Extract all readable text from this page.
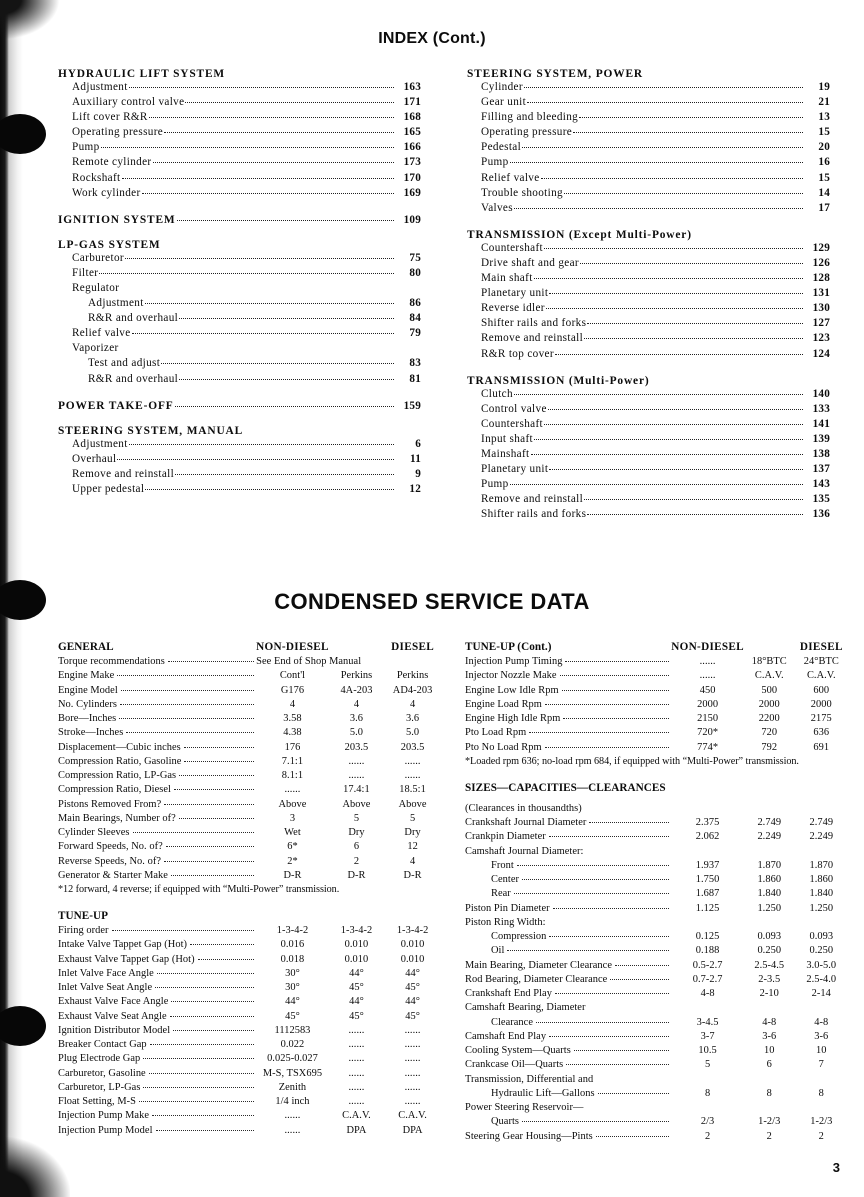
INDEX (Cont.)
HYDRAULIC LIFT SYSTEM
Adjustment	163
Auxiliary control valve	171
Lift cover R&R	168
Operating pressure	165
Pump	166
Remote cylinder	173
Rockshaft	170
Work cylinder	169
IGNITION SYSTEM	109
LP-GAS SYSTEM
Carburetor	75
Filter	80
Regulator
Adjustment	86
R&R and overhaul	84
Relief valve	79
Vaporizer
Test and adjust	83
R&R and overhaul	81
POWER TAKE-OFF	159
STEERING SYSTEM, MANUAL
Adjustment	6
Overhaul	11
Remove and reinstall	9
Upper pedestal	12
STEERING SYSTEM, POWER
Cylinder	19
Gear unit	21
Filling and bleeding	13
Operating pressure	15
Pedestal	20
Pump	16
Relief valve	15
Trouble shooting	14
Valves	17
TRANSMISSION (Except Multi-Power)
Countershaft	129
Drive shaft and gear	126
Main shaft	128
Planetary unit	131
Reverse idler	130
Shifter rails and forks	127
Remove and reinstall	123
R&R top cover	124
TRANSMISSION (Multi-Power)
Clutch	140
Control valve	133
Countershaft	141
Input shaft	139
Mainshaft	138
Planetary unit	137
Pump	143
Remove and reinstall	135
Shifter rails and forks	136
CONDENSED SERVICE DATA
GENERAL	NON-DIESEL		DIESEL

Torque recommendations	See End of Shop Manual		

Engine Make	Cont'l	Perkins	Perkins

Engine Model	G176	4A-203	AD4-203

No. Cylinders	4	4	4

Bore—Inches	3.58	3.6	3.6

Stroke—Inches	4.38	5.0	5.0

Displacement—Cubic inches	176	203.5	203.5

Compression Ratio, Gasoline	7.1:1	......	......

Compression Ratio, LP-Gas	8.1:1	......	......

Compression Ratio, Diesel	......	17.4:1	18.5:1

Pistons Removed From?	Above	Above	Above

Main Bearings, Number of?	3	5	5

Cylinder Sleeves	Wet	Dry	Dry

Forward Speeds, No. of?	6*	6	12

Reverse Speeds, No. of?	2*	2	4

Generator & Starter Make	D-R	D-R	D-R
*12 forward, 4 reverse; if equipped with “Multi-Power” transmission.			

TUNE-UP			

Firing order	1-3-4-2	1-3-4-2	1-3-4-2

Intake Valve Tappet Gap (Hot)	0.016	0.010	0.010

Exhaust Valve Tappet Gap (Hot)	0.018	0.010	0.010

Inlet Valve Face Angle	30°	44°	44°

Inlet Valve Seat Angle	30°	45°	45°

Exhaust Valve Face Angle	44°	44°	44°

Exhaust Valve Seat Angle	45°	45°	45°

Ignition Distributor Model	1112583	......	......

Breaker Contact Gap	0.022	......	......

Plug Electrode Gap	0.025-0.027	......	......

Carburetor, Gasoline	M-S, TSX695	......	......

Carburetor, LP-Gas	Zenith	......	......

Float Setting, M-S	1/4 inch	......	......

Injection Pump Make	......	C.A.V.	C.A.V.

Injection Pump Model	......	DPA	DPA
TUNE-UP (Cont.)	NON-DIESEL		DIESEL

Injection Pump Timing	......	18°BTC	24°BTC

Injector Nozzle Make	......	C.A.V.	C.A.V.

Engine Low Idle Rpm	450	500	600

Engine Load Rpm	2000	2000	2000

Engine High Idle Rpm	2150	2200	2175

Pto Load Rpm	720*	720	636

Pto No Load Rpm	774*	792	691
*Loaded rpm 636; no-load rpm 684, if equipped with “Multi-Power” transmission.			

SIZES—CAPACITIES—CLEARANCES			

(Clearances in thousandths)			

Crankshaft Journal Diameter	2.375	2.749	2.749

Crankpin Diameter	2.062	2.249	2.249
Camshaft Journal Diameter:			

Front	1.937	1.870	1.870

Center	1.750	1.860	1.860

Rear	1.687	1.840	1.840

Piston Pin Diameter	1.125	1.250	1.250
Piston Ring Width:			

Compression	0.125	0.093	0.093

Oil	0.188	0.250	0.250

Main Bearing, Diameter Clearance	0.5-2.7	2.5-4.5	3.0-5.0

Rod Bearing, Diameter Clearance	0.7-2.7	2-3.5	2.5-4.0

Crankshaft End Play	4-8	2-10	2-14
Camshaft Bearing, Diameter			

Clearance	3-4.5	4-8	4-8

Camshaft End Play	3-7	3-6	3-6

Cooling System—Quarts	10.5	10	10

Crankcase Oil—Quarts	5	6	7
Transmission, Differential and			

Hydraulic Lift—Gallons	8	8	8
Power Steering Reservoir—			

Quarts	2/3	1-2/3	1-2/3

Steering Gear Housing—Pints	2	2	2
3
